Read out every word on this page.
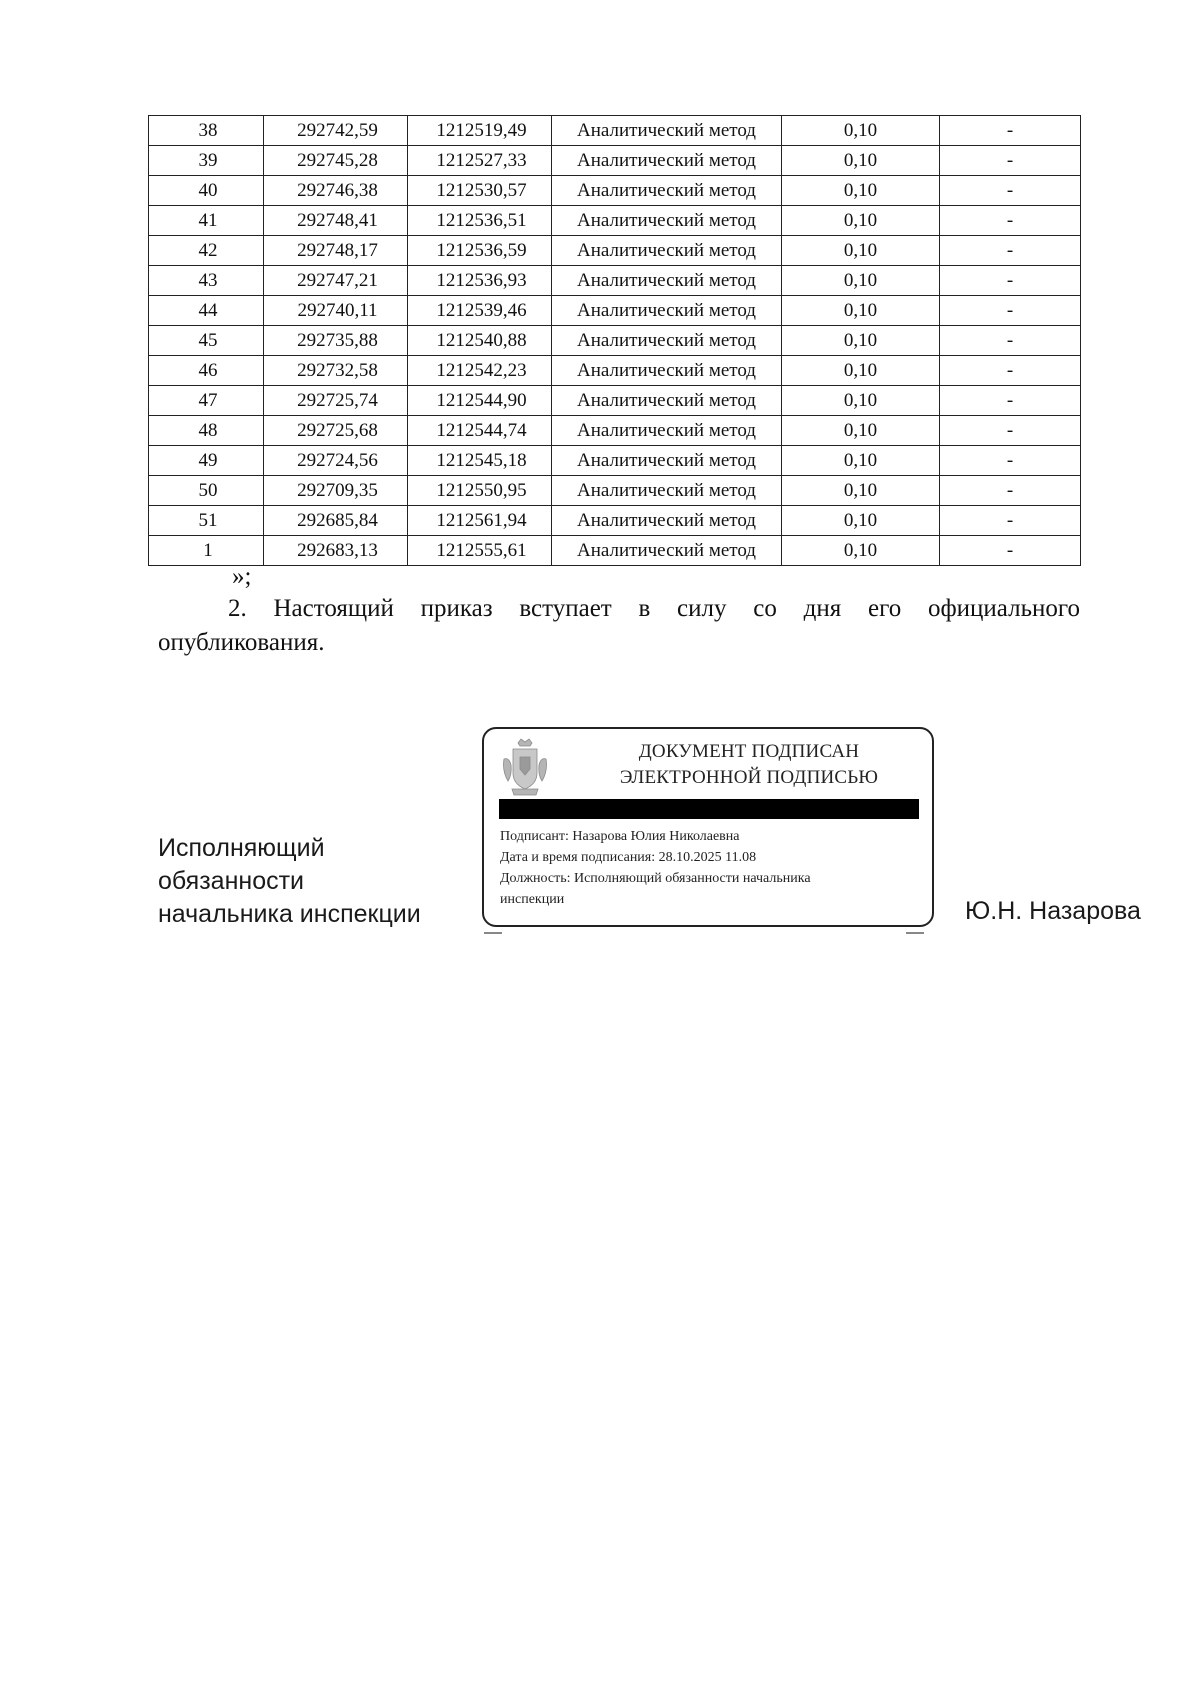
38	292742,59	1212519,49	Аналитический метод	0,10	-
39	292745,28	1212527,33	Аналитический метод	0,10	-
40	292746,38	1212530,57	Аналитический метод	0,10	-
41	292748,41	1212536,51	Аналитический метод	0,10	-
42	292748,17	1212536,59	Аналитический метод	0,10	-
43	292747,21	1212536,93	Аналитический метод	0,10	-
44	292740,11	1212539,46	Аналитический метод	0,10	-
45	292735,88	1212540,88	Аналитический метод	0,10	-
46	292732,58	1212542,23	Аналитический метод	0,10	-
47	292725,74	1212544,90	Аналитический метод	0,10	-
48	292725,68	1212544,74	Аналитический метод	0,10	-
49	292724,56	1212545,18	Аналитический метод	0,10	-
50	292709,35	1212550,95	Аналитический метод	0,10	-
51	292685,84	1212561,94	Аналитический метод	0,10	-
1	292683,13	1212555,61	Аналитический метод	0,10	-
»;
2. Настоящий приказ вступает в силу со дня его официального
опубликования.
Исполняющий
обязанности
начальника инспекции
ДОКУМЕНТ ПОДПИСАН
ЭЛЕКТРОННОЙ ПОДПИСЬЮ
Подписант: Назарова Юлия Николаевна
Дата и время подписания: 28.10.2025 11.08
Должность: Исполняющий обязанности начальника
инспекции	Ю.Н. Назарова
